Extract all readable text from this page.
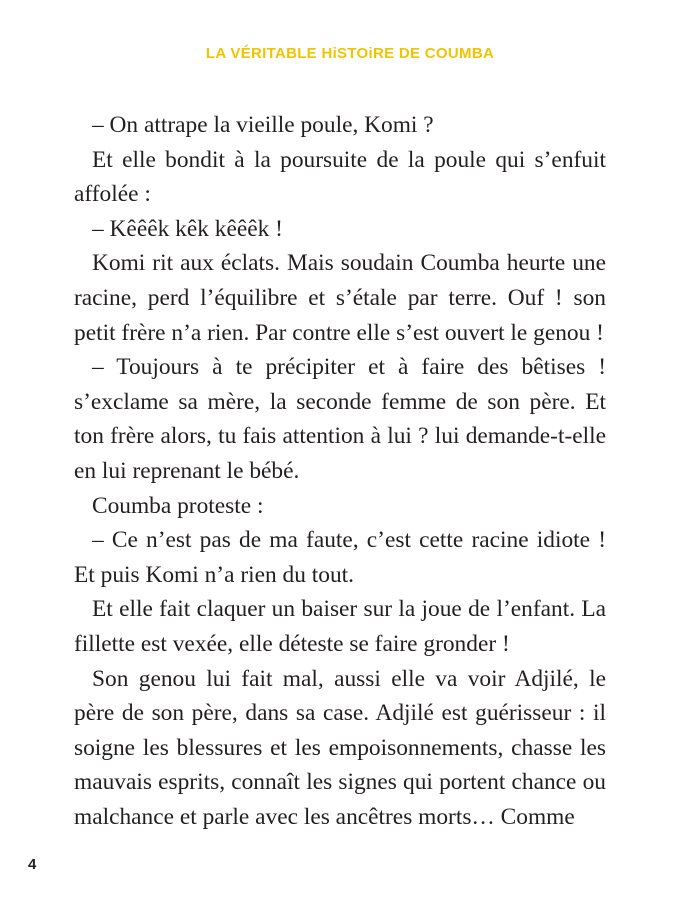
LA VÉRITABLE HiSTOiRE DE COUMBA

– On attrape la vieille poule, Komi ?

Et elle bondit à la poursuite de la poule qui s’enfuit affolée :

– Kêêêk kêk kêêêk !

Komi rit aux éclats. Mais soudain Coumba heurte une racine, perd l’équilibre et s’étale par terre. Ouf ! son petit frère n’a rien. Par contre elle s’est ouvert le genou !

– Toujours à te précipiter et à faire des bêtises ! s’exclame sa mère, la seconde femme de son père. Et ton frère alors, tu fais attention à lui ? lui demande-t-elle en lui reprenant le bébé.

Coumba proteste :

– Ce n’est pas de ma faute, c’est cette racine idiote ! Et puis Komi n’a rien du tout.

Et elle fait claquer un baiser sur la joue de l’enfant. La fillette est vexée, elle déteste se faire gronder !

Son genou lui fait mal, aussi elle va voir Adjilé, le père de son père, dans sa case. Adjilé est guérisseur : il soigne les blessures et les empoisonnements, chasse les mauvais esprits, connaît les signes qui portent chance ou malchance et parle avec les ancêtres morts… Comme

4
